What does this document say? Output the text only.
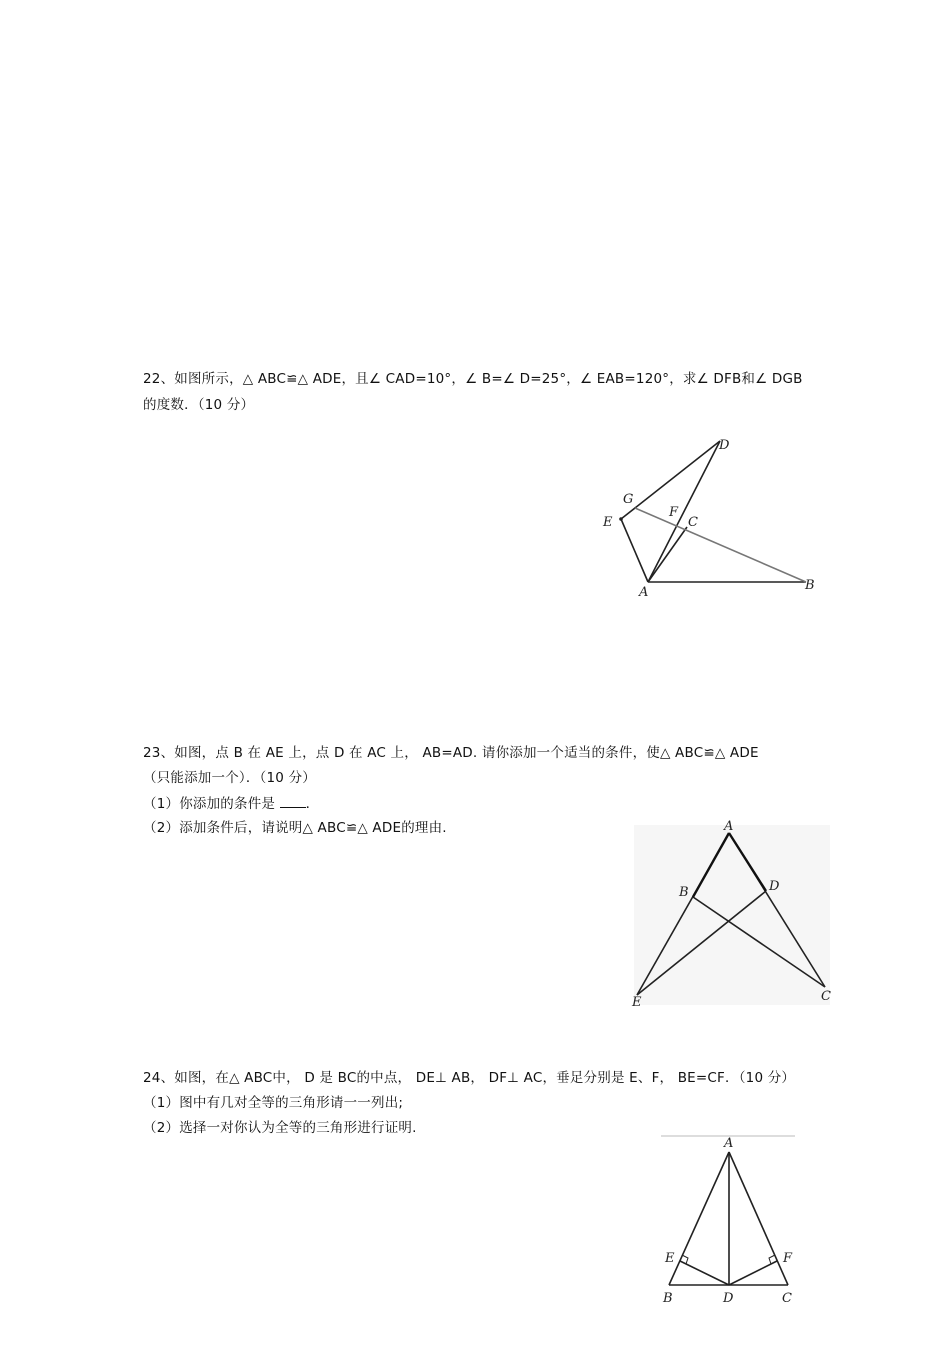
22、如图所示，△ ABC≌△ ADE，且∠ CAD=10°，∠ B=∠ D=25°，∠ EAB=120°，求∠ DFB和∠ DGB
的度数．（10 分）
D
G
E
F
C
A	B
23、如图，点 B 在 AE 上，点 D 在 AC 上， AB=AD. 请你添加一个适当的条件，使△ ABC≌△ ADE
（只能添加一个）．（10 分）
（1）你添加的条件是 ．
（2）添加条件后，请说明△ ABC≌△ ADE的理由.	A
B	D
E	C
24、如图，在△ ABC中， D 是 BC的中点， DE⊥ AB， DF⊥ AC，垂足分别是 E、F， BE=CF．（10 分）
（1）图中有几对全等的三角形请一一列出;
（2）选择一对你认为全等的三角形进行证明.
A
E	F
B	D	C
